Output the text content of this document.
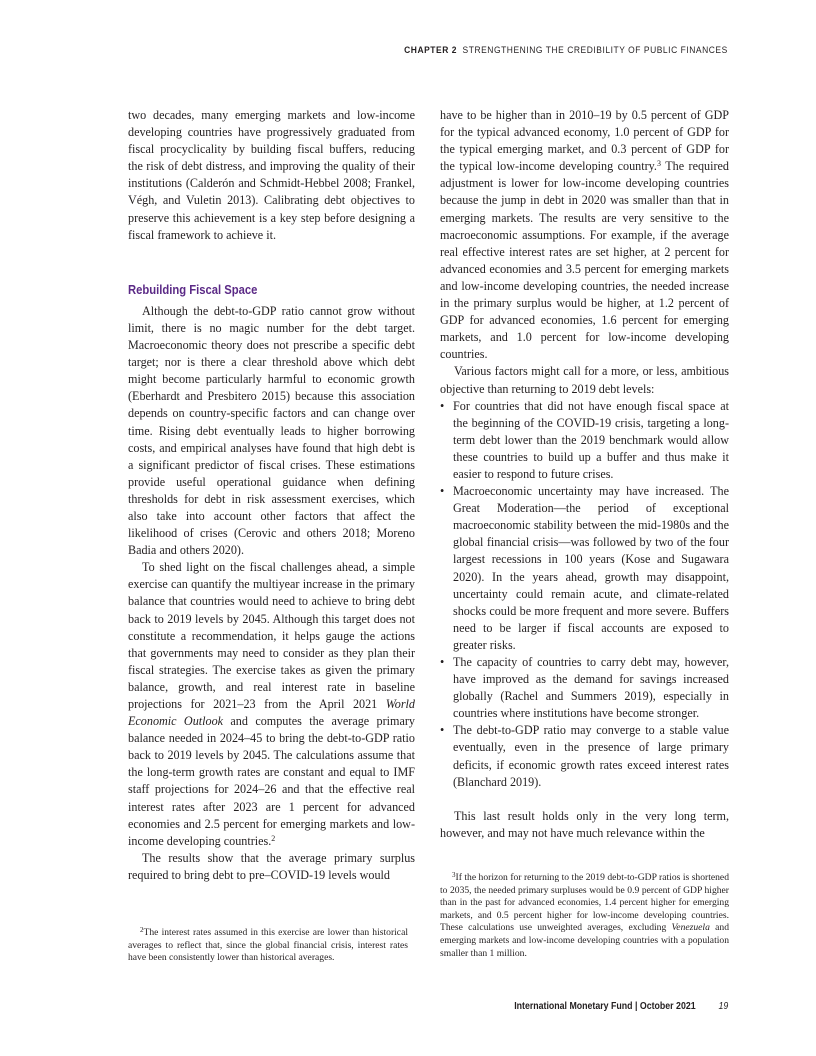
CHAPTER 2 STRENGTHENING THE CREDIBILITY OF PUBLIC FINANCES

two decades, many emerging markets and low-income developing countries have progressively graduated from fiscal procyclicality by building fiscal buffers, reducing the risk of debt distress, and improving the quality of their institutions (Calderón and Schmidt-Hebbel 2008; Frankel, Végh, and Vuletin 2013). Calibrating debt objectives to preserve this achievement is a key step before designing a fiscal framework to achieve it.

Rebuilding Fiscal Space

Although the debt-to-GDP ratio cannot grow without limit, there is no magic number for the debt target. Macroeconomic theory does not prescribe a specific debt target; nor is there a clear threshold above which debt might become particularly harmful to economic growth (Eberhardt and Presbitero 2015) because this association depends on country-specific factors and can change over time. Rising debt eventually leads to higher borrowing costs, and empirical analyses have found that high debt is a significant predictor of fiscal crises. These estimations provide useful operational guidance when defining thresholds for debt in risk assessment exercises, which also take into account other factors that affect the likelihood of crises (Cerovic and others 2018; Moreno Badia and others 2020).

To shed light on the fiscal challenges ahead, a simple exercise can quantify the multiyear increase in the primary balance that countries would need to achieve to bring debt back to 2019 levels by 2045. Although this target does not constitute a recommendation, it helps gauge the actions that governments may need to consider as they plan their fiscal strategies. The exercise takes as given the primary balance, growth, and real interest rate in baseline projections for 2021–23 from the April 2021 World Economic Outlook and computes the average primary balance needed in 2024–45 to bring the debt-to-GDP ratio back to 2019 levels by 2045. The calculations assume that the long-term growth rates are constant and equal to IMF staff projections for 2024–26 and that the effective real interest rates after 2023 are 1 percent for advanced economies and 2.5 percent for emerging markets and low-income developing countries.$^2$

The results show that the average primary surplus required to bring debt to pre–COVID-19 levels would

have to be higher than in 2010–19 by 0.5 percent of GDP for the typical advanced economy, 1.0 percent of GDP for the typical emerging market, and 0.3 percent of GDP for the typical low-income developing country.$^3$ The required adjustment is lower for low-income developing countries because the jump in debt in 2020 was smaller than that in emerging markets. The results are very sensitive to the macroeconomic assumptions. For example, if the average real effective interest rates are set higher, at 2 percent for advanced economies and 3.5 percent for emerging markets and low-income developing countries, the needed increase in the primary surplus would be higher, at 1.2 percent of GDP for advanced economies, 1.6 percent for emerging markets, and 1.0 percent for low-income developing countries.

Various factors might call for a more, or less, ambitious objective than returning to 2019 debt levels:

• For countries that did not have enough fiscal space at the beginning of the COVID-19 crisis, targeting a long-term debt lower than the 2019 benchmark would allow these countries to build up a buffer and thus make it easier to respond to future crises.
• Macroeconomic uncertainty may have increased. The Great Moderation—the period of exceptional macroeconomic stability between the mid-1980s and the global financial crisis—was followed by two of the four largest recessions in 100 years (Kose and Sugawara 2020). In the years ahead, growth may disappoint, uncertainty could remain acute, and climate-related shocks could be more frequent and more severe. Buffers need to be larger if fiscal accounts are exposed to greater risks.
• The capacity of countries to carry debt may, however, have improved as the demand for savings increased globally (Rachel and Summers 2019), especially in countries where institutions have become stronger.
• The debt-to-GDP ratio may converge to a stable value eventually, even in the presence of large primary deficits, if economic growth rates exceed interest rates (Blanchard 2019).

This last result holds only in the very long term, however, and may not have much relevance within the

$^2$The interest rates assumed in this exercise are lower than historical averages to reflect that, since the global financial crisis, interest rates have been consistently lower than historical averages.

$^3$If the horizon for returning to the 2019 debt-to-GDP ratios is shortened to 2035, the needed primary surpluses would be 0.9 percent of GDP higher than in the past for advanced economies, 1.4 percent higher for emerging markets, and 0.5 percent higher for low-income developing countries. These calculations use unweighted averages, excluding Venezuela and emerging markets and low-income developing countries with a population smaller than 1 million.

International Monetary Fund | October 2021 19
